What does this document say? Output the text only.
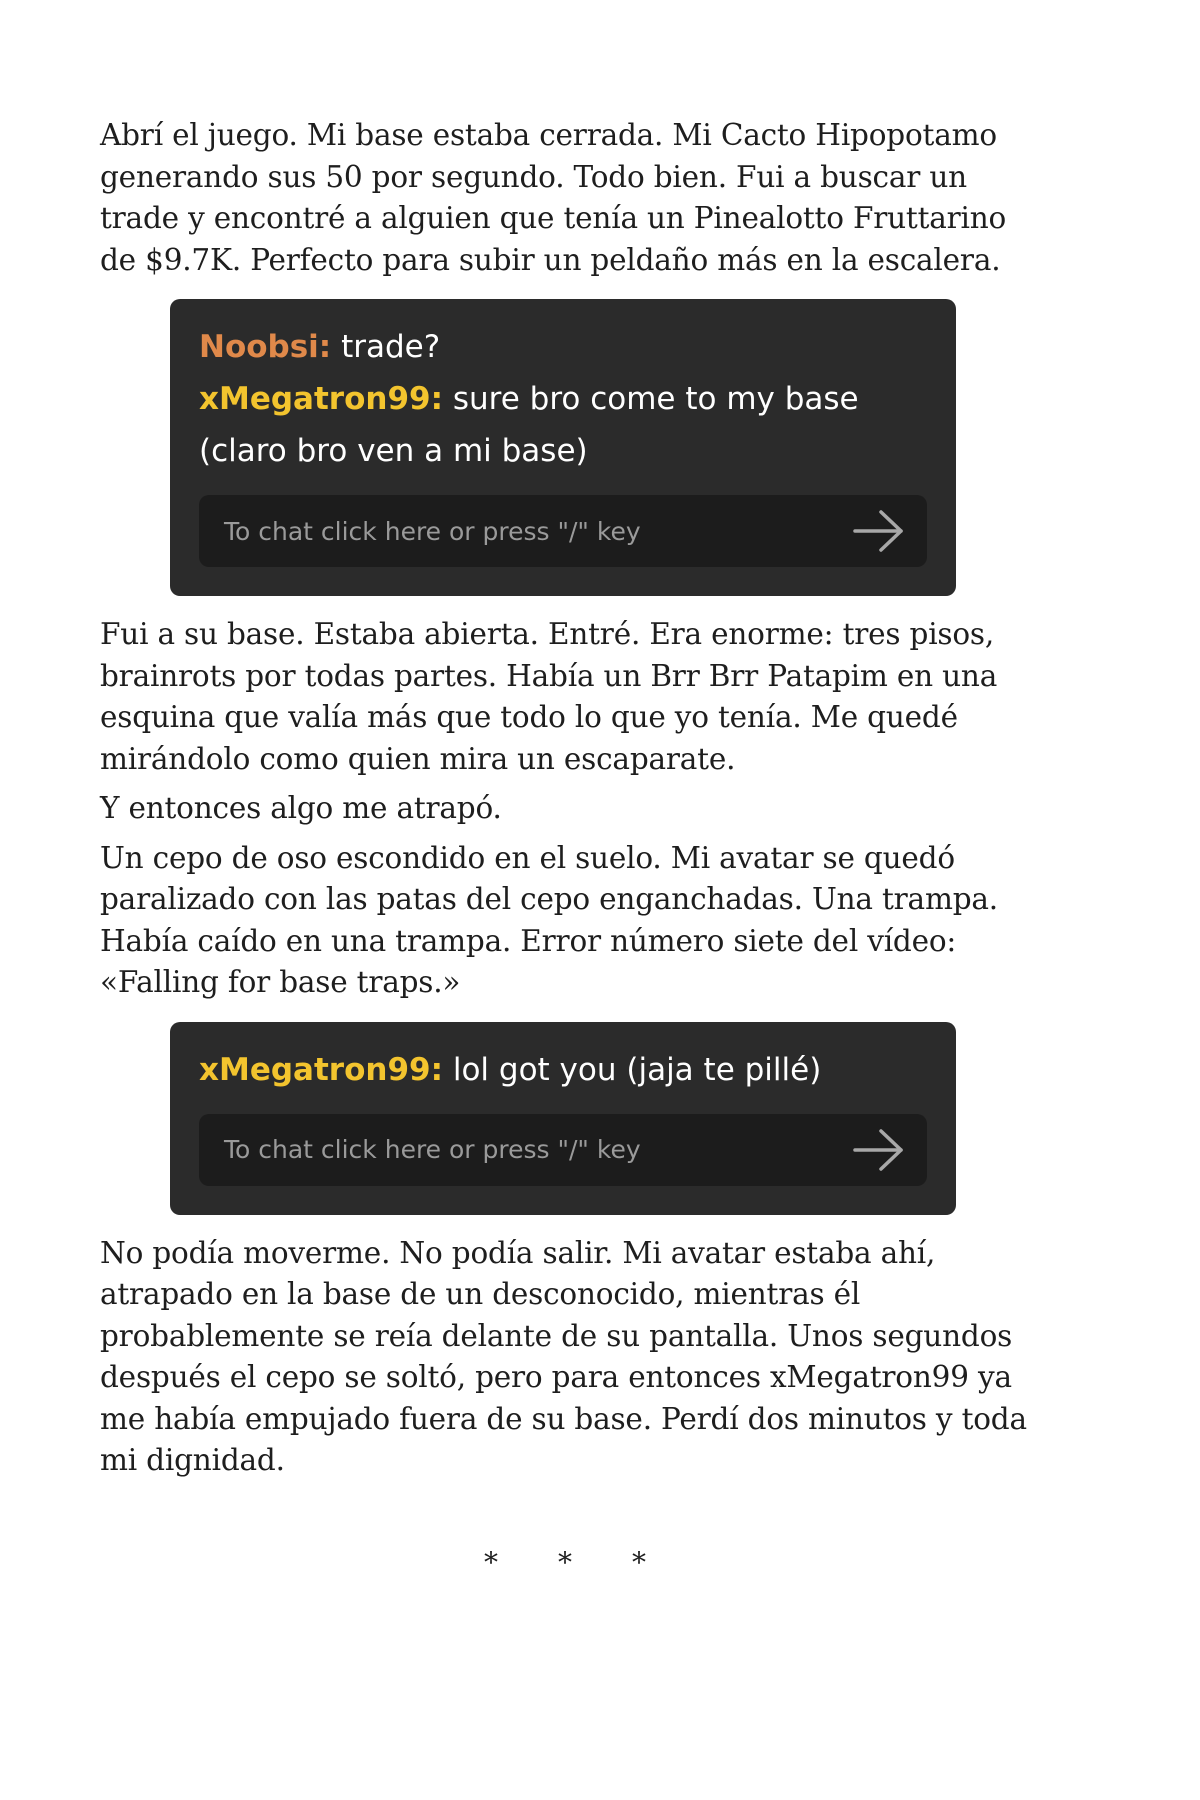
Abrí el juego. Mi base estaba cerrada. Mi Cacto Hipopotamo generando sus 50 por segundo. Todo bien. Fui a buscar un trade y encontré a alguien que tenía un Pinealotto Fruttarino de $9.7K. Perfecto para subir un peldaño más en la escalera.

Noobsi: trade?

xMegatron99: sure bro come to my base (claro bro ven a mi base)

To chat click here or press "/" key

Fui a su base. Estaba abierta. Entré. Era enorme: tres pisos, brainrots por todas partes. Había un Brr Brr Patapim en una esquina que valía más que todo lo que yo tenía. Me quedé mirándolo como quien mira un escaparate.

Y entonces algo me atrapó.

Un cepo de oso escondido en el suelo. Mi avatar se quedó paralizado con las patas del cepo enganchadas. Una trampa. Había caído en una trampa. Error número siete del vídeo: «Falling for base traps.»

xMegatron99: lol got you (jaja te pillé)

To chat click here or press "/" key

No podía moverme. No podía salir. Mi avatar estaba ahí, atrapado en la base de un desconocido, mientras él probablemente se reía delante de su pantalla. Unos segundos después el cepo se soltó, pero para entonces xMegatron99 ya me había empujado fuera de su base. Perdí dos minutos y toda mi dignidad.

* * *
